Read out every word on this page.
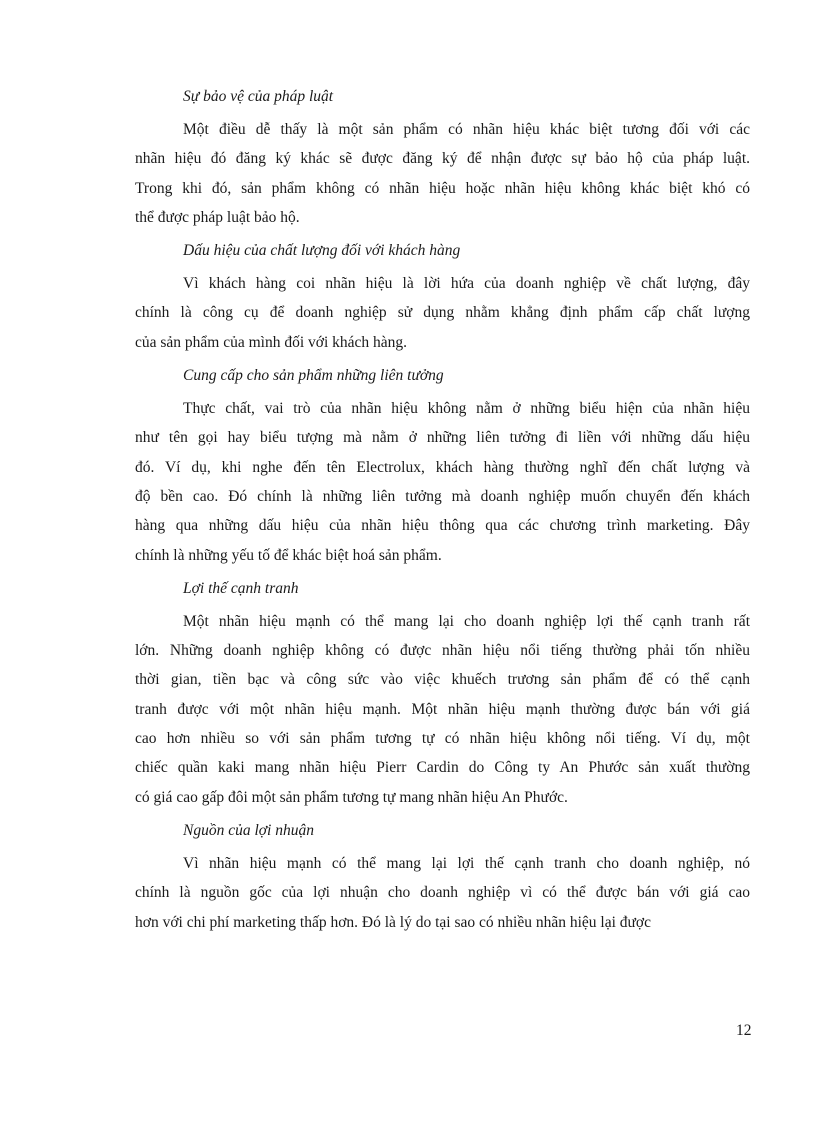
Sự bảo vệ của pháp luật

Một điều dễ thấy là một sản phẩm có nhãn hiệu khác biệt tương đối với các
nhãn hiệu đó đăng ký khác sẽ được đăng ký để nhận được sự bảo hộ của pháp luật.
Trong khi đó, sản phẩm không có nhãn hiệu hoặc nhãn hiệu không khác biệt khó có
thể được pháp luật bảo hộ.

Dấu hiệu của chất lượng đối với khách hàng

Vì khách hàng coi nhãn hiệu là lời hứa của doanh nghiệp về chất lượng, đây
chính là công cụ để doanh nghiệp sử dụng nhằm khẳng định phẩm cấp chất lượng
của sản phẩm của mình đối với khách hàng.

Cung cấp cho sản phẩm những liên tưởng

Thực chất, vai trò của nhãn hiệu không nằm ở những biểu hiện của nhãn hiệu
như tên gọi hay biểu tượng mà nằm ở những liên tưởng đi liền với những dấu hiệu
đó. Ví dụ, khi nghe đến tên Electrolux, khách hàng thường nghĩ đến chất lượng và
độ bền cao. Đó chính là những liên tưởng mà doanh nghiệp muốn chuyển đến khách
hàng qua những dấu hiệu của nhãn hiệu thông qua các chương trình marketing. Đây
chính là những yếu tố để khác biệt hoá sản phẩm.

Lợi thế cạnh tranh

Một nhãn hiệu mạnh có thể mang lại cho doanh nghiệp lợi thế cạnh tranh rất
lớn. Những doanh nghiệp không có được nhãn hiệu nổi tiếng thường phải tốn nhiều
thời gian, tiền bạc và công sức vào việc khuếch trương sản phẩm để có thể cạnh
tranh được với một nhãn hiệu mạnh. Một nhãn hiệu mạnh thường được bán với giá
cao hơn nhiều so với sản phẩm tương tự có nhãn hiệu không nổi tiếng. Ví dụ, một
chiếc quần kaki mang nhãn hiệu Pierr Cardin do Công ty An Phước sản xuất thường
có giá cao gấp đôi một sản phẩm tương tự mang nhãn hiệu An Phước.

Nguồn của lợi nhuận

Vì nhãn hiệu mạnh có thể mang lại lợi thế cạnh tranh cho doanh nghiệp, nó
chính là nguồn gốc của lợi nhuận cho doanh nghiệp vì có thể được bán với giá cao
hơn với chi phí marketing thấp hơn. Đó là lý do tại sao có nhiều nhãn hiệu lại được

12
